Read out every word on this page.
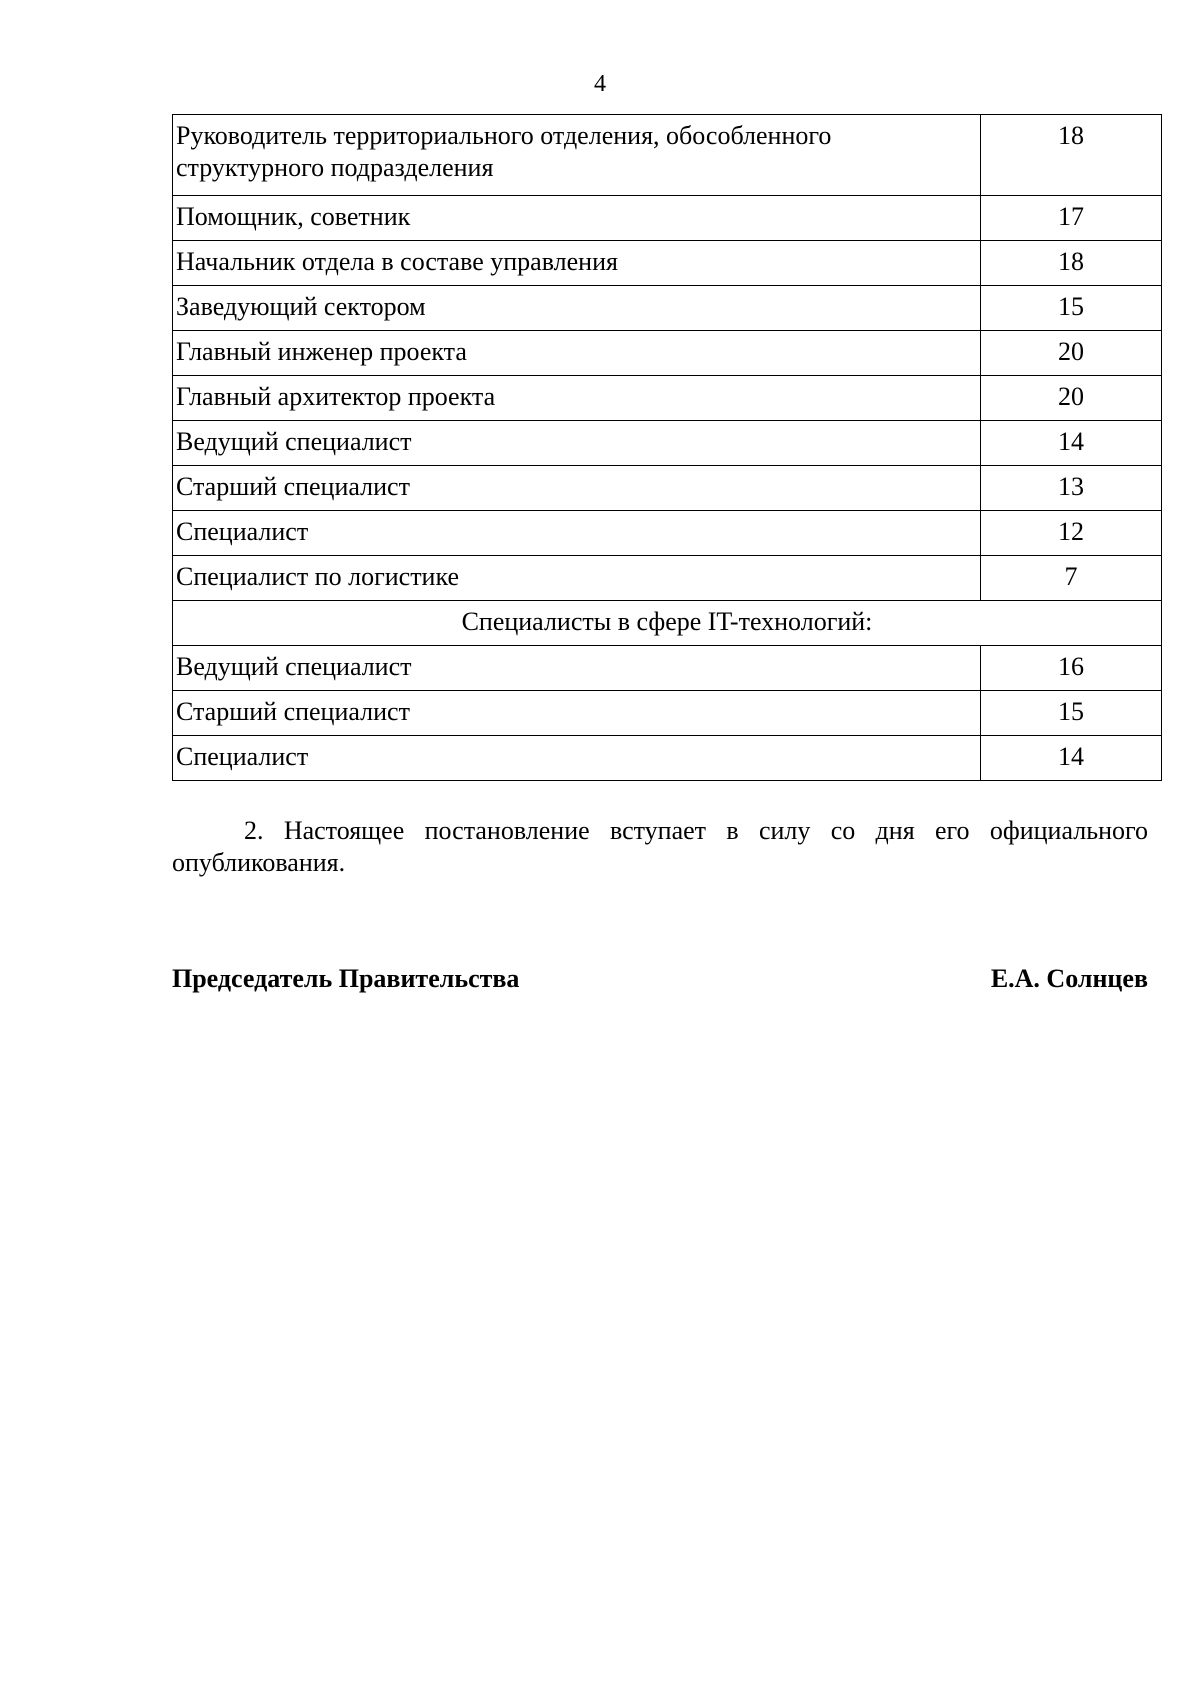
4
Руководитель территориального отделения, обособленного структурного подразделения	18
Помощник, советник	17
Начальник отдела в составе управления	18
Заведующий сектором	15
Главный инженер проекта	20
Главный архитектор проекта	20
Ведущий специалист	14
Старший специалист	13
Специалист	12
Специалист по логистике	7
Специалисты в сфере IT-технологий:	
Ведущий специалист	16
Старший специалист	15
Специалист	14

2. Настоящее постановление вступает в силу со дня его официального опубликования.

Председатель Правительства	Е.А. Солнцев
